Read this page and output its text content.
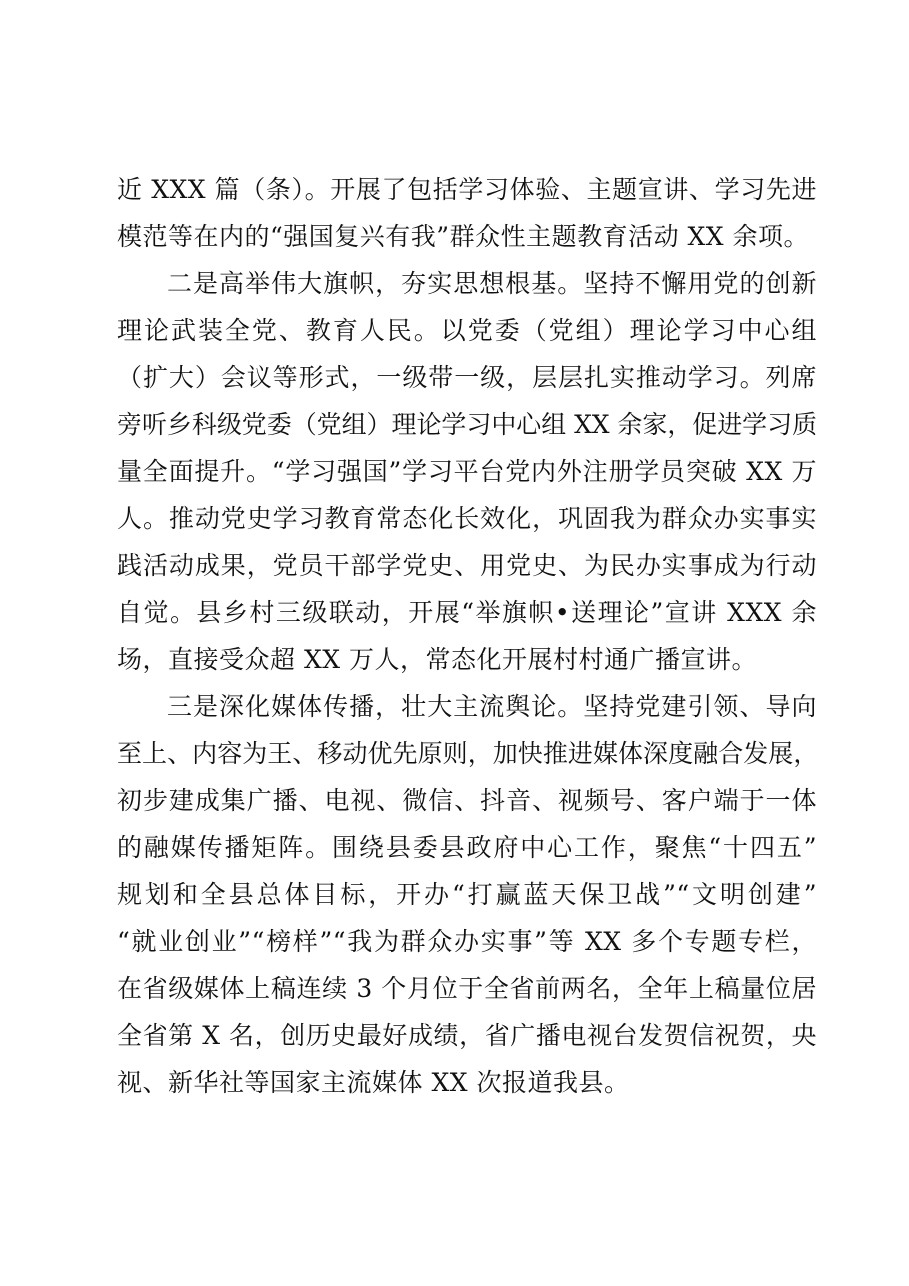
近 XXX 篇（条）。开展了包括学习体验、主题宣讲、学习先进
模范等在内的“强国复兴有我”群众性主题教育活动 XX 余项。
二是高举伟大旗帜，夯实思想根基。坚持不懈用党的创新
理论武装全党、教育人民。以党委（党组）理论学习中心组
（扩大）会议等形式，一级带一级，层层扎实推动学习。列席
旁听乡科级党委（党组）理论学习中心组 XX 余家，促进学习质
量全面提升。“学习强国”学习平台党内外注册学员突破 XX 万
人。推动党史学习教育常态化长效化，巩固我为群众办实事实
践活动成果，党员干部学党史、用党史、为民办实事成为行动
自觉。县乡村三级联动，开展“举旗帜•送理论”宣讲 XXX 余
场，直接受众超 XX 万人，常态化开展村村通广播宣讲。
三是深化媒体传播，壮大主流舆论。坚持党建引领、导向
至上、内容为王、移动优先原则，加快推进媒体深度融合发展，
初步建成集广播、电视、微信、抖音、视频号、客户端于一体
的融媒传播矩阵。围绕县委县政府中心工作，聚焦“十四五”
规划和全县总体目标，开办“打赢蓝天保卫战”“文明创建”
“就业创业”“榜样”“我为群众办实事”等 XX 多个专题专栏，
在省级媒体上稿连续 3 个月位于全省前两名，全年上稿量位居
全省第 X 名，创历史最好成绩，省广播电视台发贺信祝贺，央
视、新华社等国家主流媒体 XX 次报道我县。
